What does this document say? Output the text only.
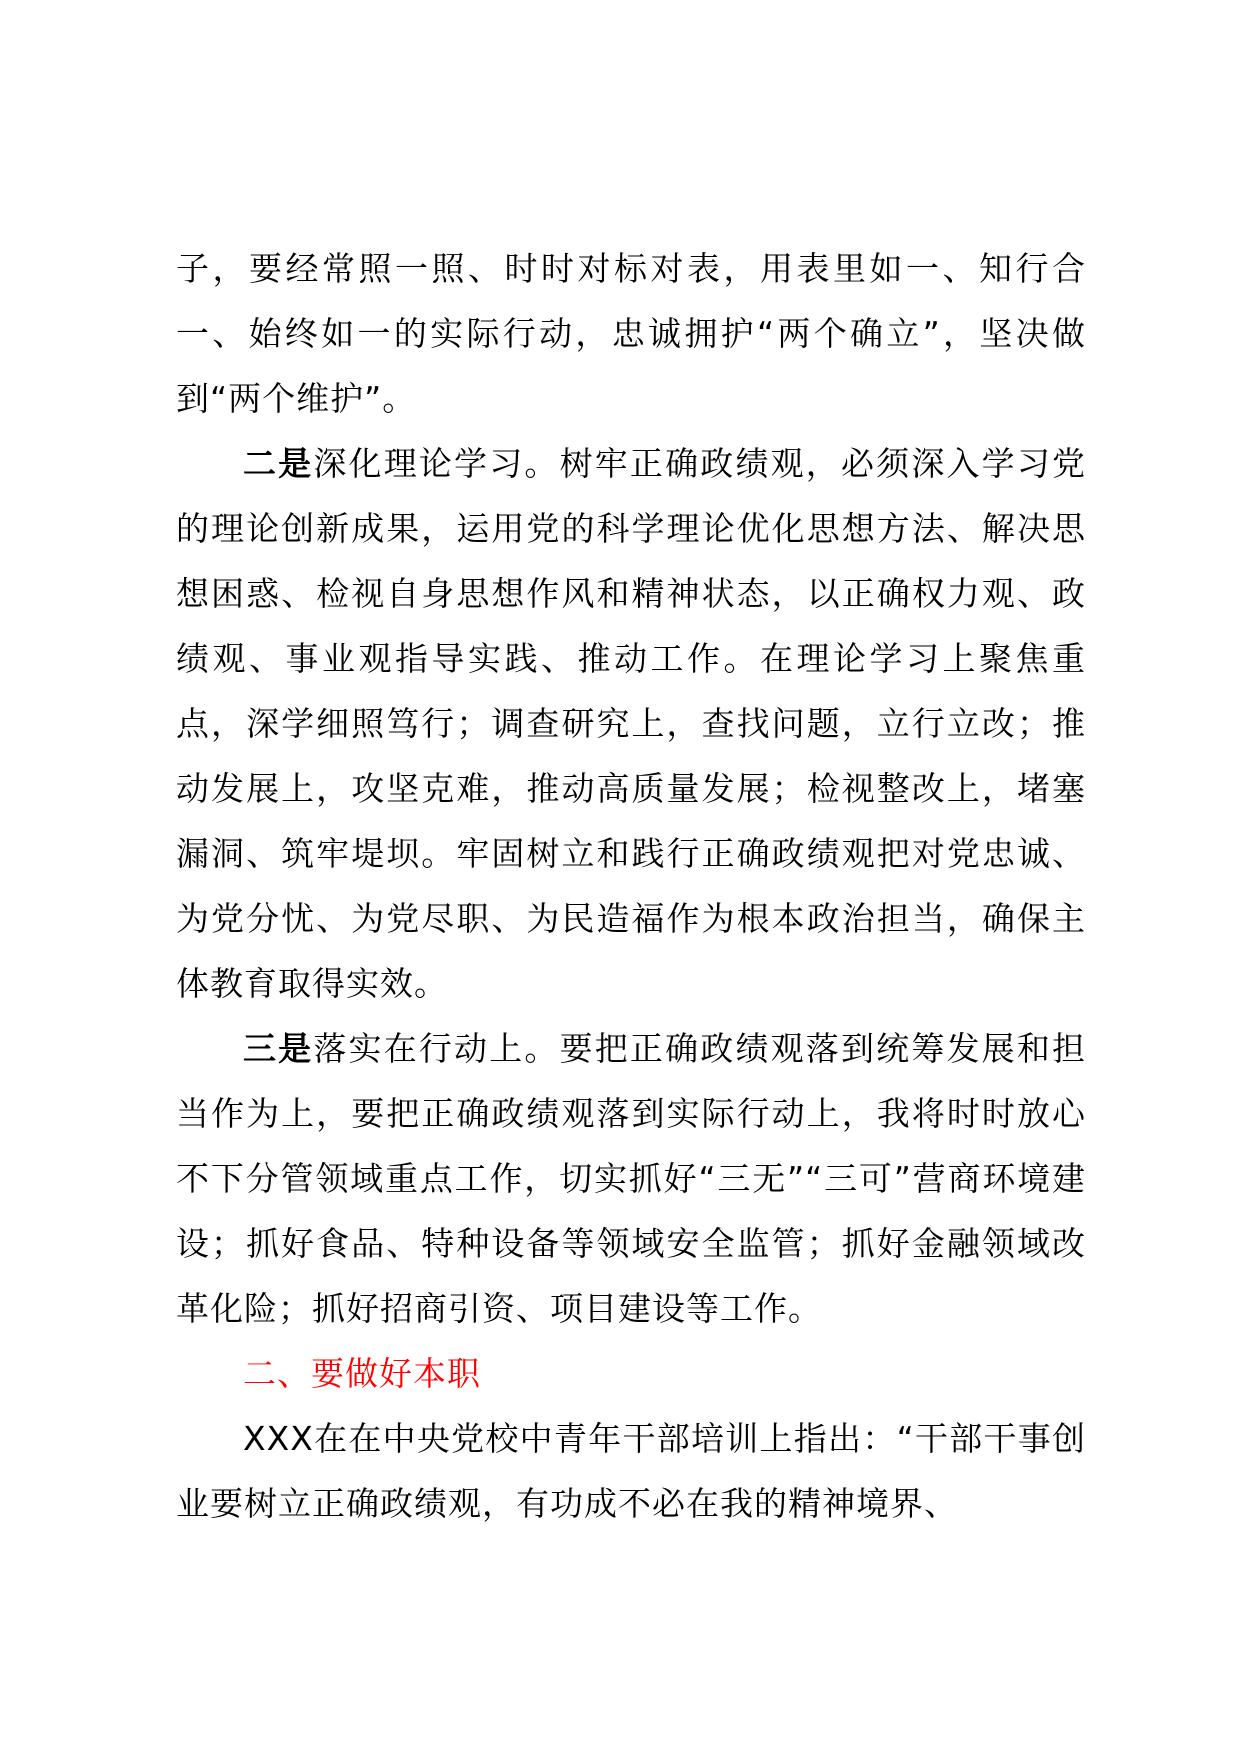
子，要经常照一照、时时对标对表，用表里如一、知行合一、始终如一的实际行动，忠诚拥护“两个确立”，坚决做到“两个维护”。

二是深化理论学习。树牢正确政绩观，必须深入学习党的理论创新成果，运用党的科学理论优化思想方法、解决思想困惑、检视自身思想作风和精神状态，以正确权力观、政绩观、事业观指导实践、推动工作。在理论学习上聚焦重点，深学细照笃行；调查研究上，查找问题，立行立改；推动发展上，攻坚克难，推动高质量发展；检视整改上，堵塞漏洞、筑牢堤坝。牢固树立和践行正确政绩观把对党忠诚、为党分忧、为党尽职、为民造福作为根本政治担当，确保主体教育取得实效。

三是落实在行动上。要把正确政绩观落到统筹发展和担当作为上，要把正确政绩观落到实际行动上，我将时时放心不下分管领域重点工作，切实抓好“三无”“三可”营商环境建设；抓好食品、特种设备等领域安全监管；抓好金融领域改革化险；抓好招商引资、项目建设等工作。

二、要做好本职

XXX在在中央党校中青年干部培训上指出：“干部干事创业要树立正确政绩观，有功成不必在我的精神境界、
